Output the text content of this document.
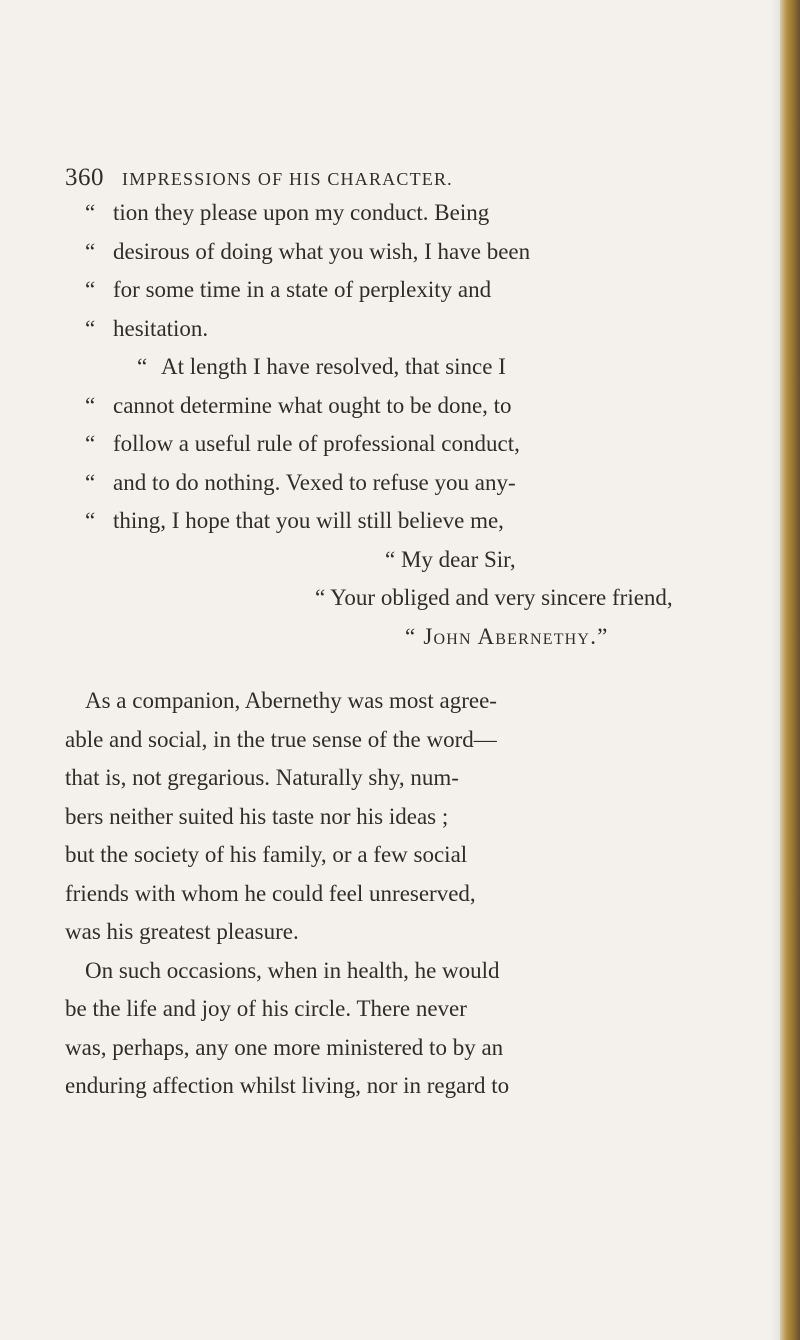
360 IMPRESSIONS OF HIS CHARACTER.
“ tion they please upon my conduct. Being
“ desirous of doing what you wish, I have been
“ for some time in a state of perplexity and
“ hesitation.
“ At length I have resolved, that since I
“ cannot determine what ought to be done, to
“ follow a useful rule of professional conduct,
“ and to do nothing. Vexed to refuse you any-
“ thing, I hope that you will still believe me,
“ My dear Sir,
“ Your obliged and very sincere friend,
“ John Abernethy.”
As a companion, Abernethy was most agree-
able and social, in the true sense of the word—
that is, not gregarious. Naturally shy, num-
bers neither suited his taste nor his ideas ;
but the society of his family, or a few social
friends with whom he could feel unreserved,
was his greatest pleasure.
On such occasions, when in health, he would
be the life and joy of his circle. There never
was, perhaps, any one more ministered to by an
enduring affection whilst living, nor in regard to
